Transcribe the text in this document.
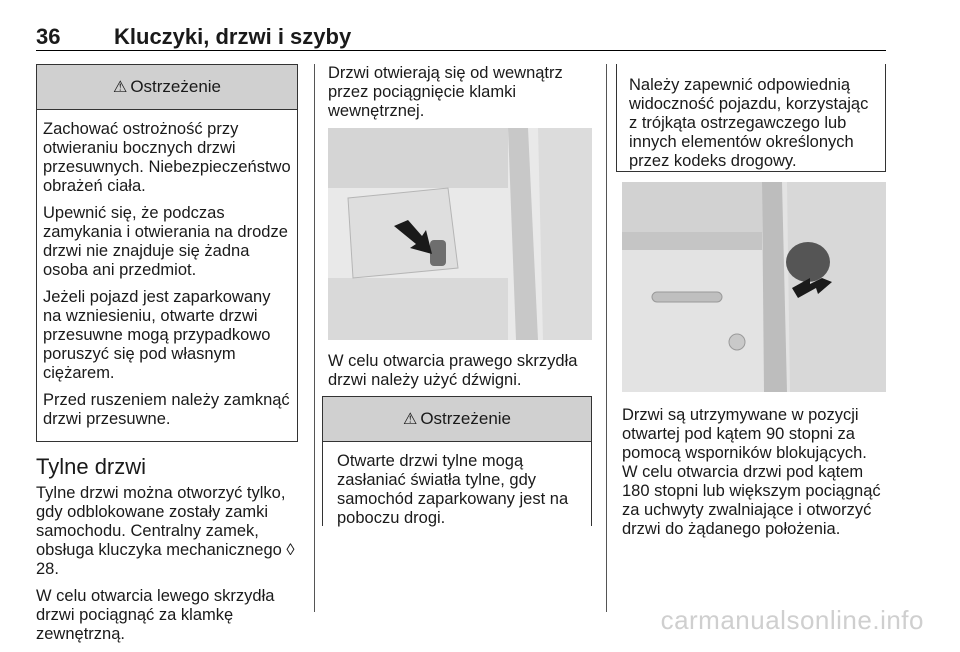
36 Kluczyki, drzwi i szyby
⚠ Ostrzeżenie

Zachować ostrożność przy otwieraniu bocznych drzwi przesuwnych. Niebezpieczeństwo obrażeń ciała.

Upewnić się, że podczas zamykania i otwierania na drodze drzwi nie znajduje się żadna osoba ani przedmiot.

Jeżeli pojazd jest zaparkowany na wzniesieniu, otwarte drzwi przesuwne mogą przypadkowo poruszyć się pod własnym ciężarem.

Przed ruszeniem należy zamknąć drzwi przesuwne.

Tylne drzwi

Tylne drzwi można otworzyć tylko, gdy odblokowane zostały zamki samochodu. Centralny zamek, obsługa kluczyka mechanicznego ◊ 28.

W celu otwarcia lewego skrzydła drzwi pociągnąć za klamkę zewnętrzną.

Drzwi otwierają się od wewnątrz przez pociągnięcie klamki wewnętrznej.

W celu otwarcia prawego skrzydła drzwi należy użyć dźwigni.

⚠ Ostrzeżenie

Otwarte drzwi tylne mogą zasłaniać światła tylne, gdy samochód zaparkowany jest na poboczu drogi.

Należy zapewnić odpowiednią widoczność pojazdu, korzystając z trójkąta ostrzegawczego lub innych elementów określonych przez kodeks drogowy.

Drzwi są utrzymywane w pozycji otwartej pod kątem 90 stopni za pomocą wsporników blokujących. W celu otwarcia drzwi pod kątem 180 stopni lub większym pociągnąć za uchwyty zwalniające i otworzyć drzwi do żądanego położenia.

carmanualsonline.info
